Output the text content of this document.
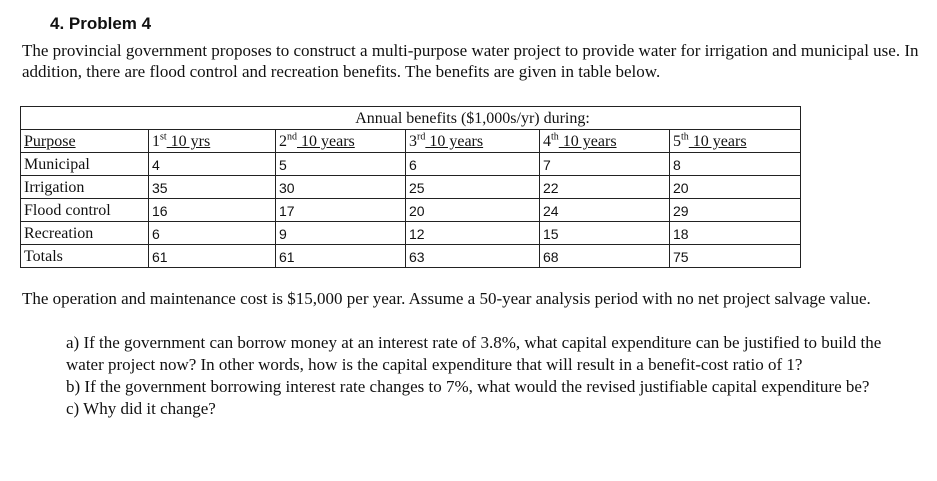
4. Problem 4
The provincial government proposes to construct a multi-purpose water project to provide water for irrigation and municipal use. In addition, there are flood control and recreation benefits. The benefits are given in table below.
		Annual benefits ($1,000s/yr) during:			
Purpose	1st 10 yrs	2nd 10 years	3rd 10 years	4th 10 years	5th 10 years
Municipal	4	5	6	7	8
Irrigation	35	30	25	22	20
Flood control	16	17	20	24	29
Recreation	6	9	12	15	18
Totals	61	61	63	68	75
The operation and maintenance cost is $15,000 per year. Assume a 50-year analysis period with no net project salvage value.

a) If the government can borrow money at an interest rate of 3.8%, what capital expenditure can be justified to build the water project now? In other words, how is the capital expenditure that will result in a benefit-cost ratio of 1?

b) If the government borrowing interest rate changes to 7%, what would the revised justifiable capital expenditure be?

c) Why did it change?
